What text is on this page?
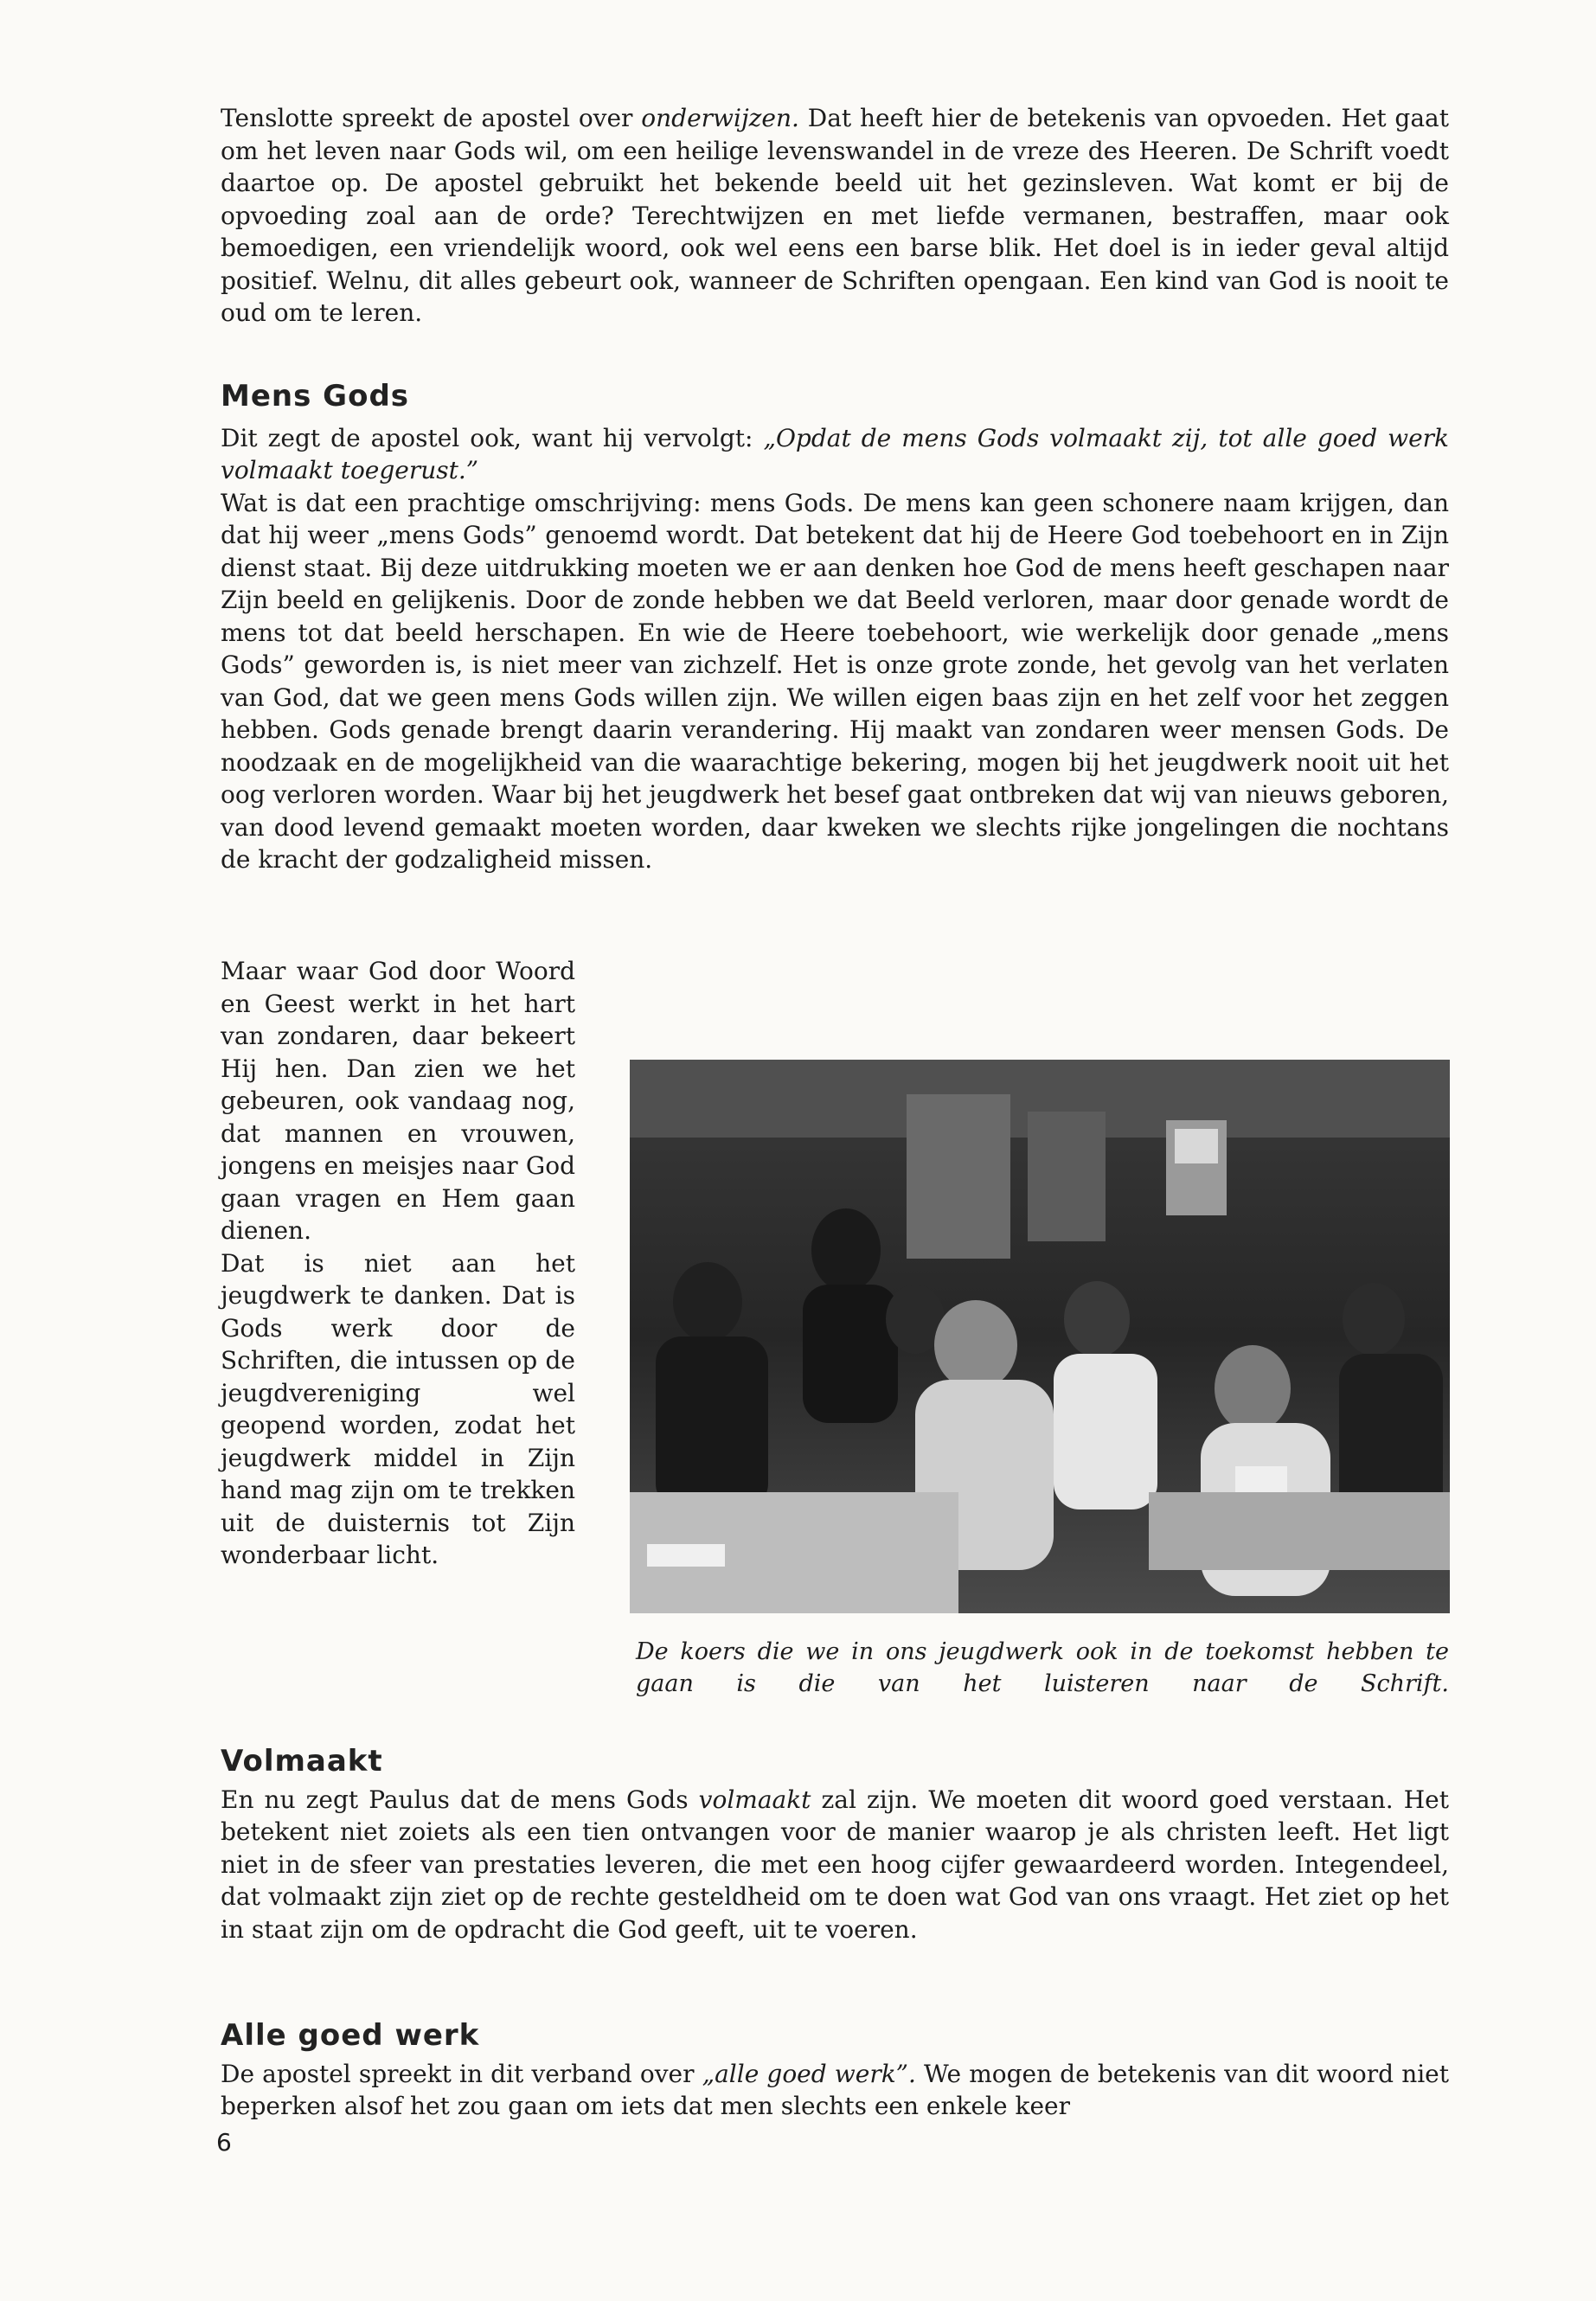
Tenslotte spreekt de apostel over onderwijzen. Dat heeft hier de betekenis van opvoeden. Het gaat om het leven naar Gods wil, om een heilige levenswandel in de vreze des Heeren. De Schrift voedt daartoe op. De apostel gebruikt het bekende beeld uit het gezinsleven. Wat komt er bij de opvoeding zoal aan de orde? Terechtwijzen en met liefde vermanen, bestraffen, maar ook bemoedigen, een vriendelijk woord, ook wel eens een barse blik. Het doel is in ieder geval altijd positief. Welnu, dit alles gebeurt ook, wanneer de Schriften opengaan. Een kind van God is nooit te oud om te leren.

Mens Gods

Dit zegt de apostel ook, want hij vervolgt: „Opdat de mens Gods volmaakt zij, tot alle goed werk volmaakt toegerust.”

Wat is dat een prachtige omschrijving: mens Gods. De mens kan geen schonere naam krijgen, dan dat hij weer „mens Gods” genoemd wordt. Dat betekent dat hij de Heere God toebehoort en in Zijn dienst staat. Bij deze uitdrukking moeten we er aan denken hoe God de mens heeft geschapen naar Zijn beeld en gelijkenis. Door de zonde hebben we dat Beeld verloren, maar door genade wordt de mens tot dat beeld herschapen. En wie de Heere toebehoort, wie werkelijk door genade „mens Gods” geworden is, is niet meer van zichzelf. Het is onze grote zonde, het gevolg van het verlaten van God, dat we geen mens Gods willen zijn. We willen eigen baas zijn en het zelf voor het zeggen hebben. Gods genade brengt daarin verandering. Hij maakt van zondaren weer mensen Gods. De noodzaak en de mogelijkheid van die waarachtige bekering, mogen bij het jeugdwerk nooit uit het oog verloren worden. Waar bij het jeugdwerk het besef gaat ontbreken dat wij van nieuws geboren, van dood levend gemaakt moeten worden, daar kweken we slechts rijke jongelingen die nochtans de kracht der godzaligheid missen.

Maar waar God door Woord en Geest werkt in het hart van zondaren, daar bekeert Hij hen. Dan zien we het gebeuren, ook vandaag nog, dat mannen en vrouwen, jongens en meisjes naar God gaan vragen en Hem gaan dienen.

Dat is niet aan het jeugdwerk te danken. Dat is Gods werk door de Schriften, die intussen op de jeugdvereniging wel geopend worden, zodat het jeugdwerk middel in Zijn hand mag zijn om te trekken uit de duisternis tot Zijn wonderbaar licht.

De koers die we in ons jeugdwerk ook in de toekomst hebben te gaan is die van het luisteren naar de Schrift.
Volmaakt

En nu zegt Paulus dat de mens Gods volmaakt zal zijn. We moeten dit woord goed verstaan. Het betekent niet zoiets als een tien ontvangen voor de manier waarop je als christen leeft. Het ligt niet in de sfeer van prestaties leveren, die met een hoog cijfer gewaardeerd worden. Integendeel, dat volmaakt zijn ziet op de rechte gesteldheid om te doen wat God van ons vraagt. Het ziet op het in staat zijn om de opdracht die God geeft, uit te voeren.

Alle goed werk

De apostel spreekt in dit verband over „alle goed werk”. We mogen de betekenis van dit woord niet beperken alsof het zou gaan om iets dat men slechts een enkele keer

6
